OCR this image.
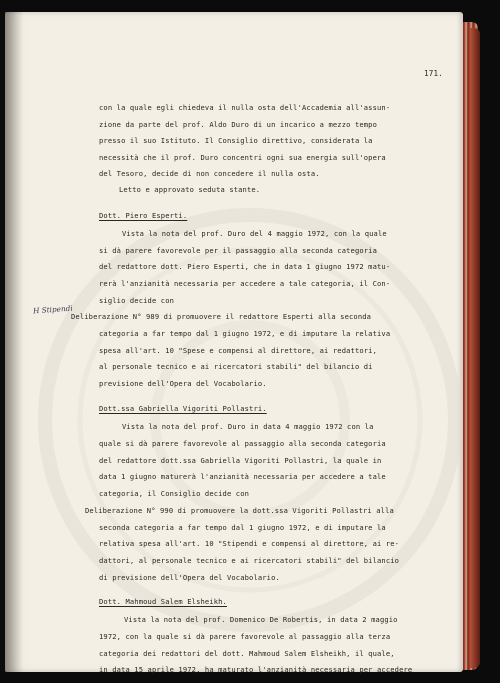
171.
con la quale egli chiedeva il nulla osta dell'Accademia all'assun-
zione da parte del prof. Aldo Duro di un incarico a mezzo tempo
presso il suo Istituto. Il Consiglio direttivo, considerata la
necessità che il prof. Duro concentri ogni sua energia sull'opera
del Tesoro, decide di non concedere il nulla osta.
Letto e approvato seduta stante.
Dott. Piero Esperti.
Vista la nota del prof. Duro del 4 maggio 1972, con la quale
si dà parere favorevole per il passaggio alla seconda categoria
del redattore dott. Piero Esperti, che in data 1 giugno 1972 matu-
rerà l'anzianità necessaria per accedere a tale categoria, il Con-
siglio decide con
Deliberazione N° 989 di promuovere il redattore Esperti alla seconda
categoria a far tempo dal 1 giugno 1972, e di imputare la relativa
spesa all'art. 10 "Spese e compensi al direttore, ai redattori,
al personale tecnico e ai ricercatori stabili" del bilancio di
previsione dell'Opera del Vocabolario.
Dott.ssa Gabriella Vigoriti Pollastri.
Vista la nota del prof. Duro in data 4 maggio 1972 con la
quale si dà parere favorevole al passaggio alla seconda categoria
del redattore dott.ssa Gabriella Vigoriti Pollastri, la quale in
data 1 giugno maturerà l'anzianità necessaria per accedere a tale
categoria, il Consiglio decide con
Deliberazione N° 990 di promuovere la dott.ssa Vigoriti Pollastri alla
seconda categoria a far tempo dal 1 giugno 1972, e di imputare la
relativa spesa all'art. 10 "Stipendi e compensi al direttore, ai re-
dattori, al personale tecnico e ai ricercatori stabili" del bilancio
di previsione dell'Opera del Vocabolario.
Dott. Mahmoud Salem Elsheikh.
Vista la nota del prof. Domenico De Robertis, in data 2 maggio
1972, con la quale si dà parere favorevole al passaggio alla terza
categoria dei redattori del dott. Mahmoud Salem Elsheikh, il quale,
in data 15 aprile 1972, ha maturato l'anzianità necessaria per accedere
H Stipendi
